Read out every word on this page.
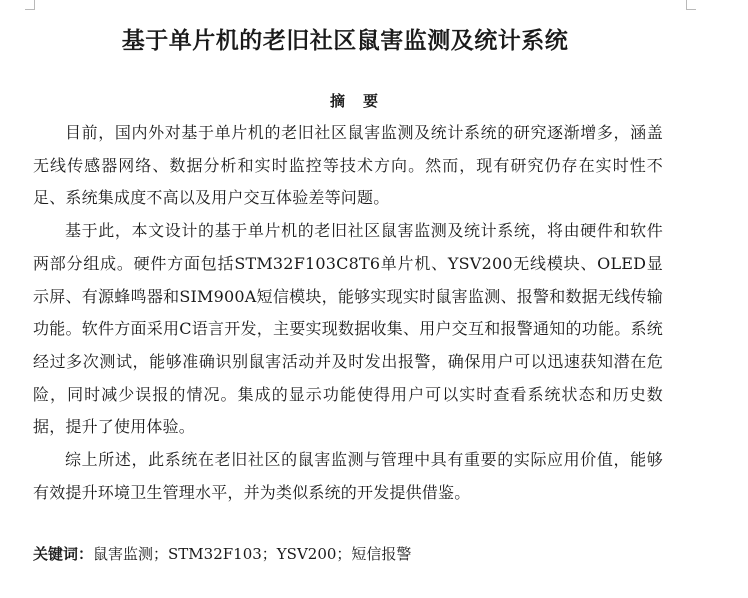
基于单片机的老旧社区鼠害监测及统计系统
摘要

目前，国内外对基于单片机的老旧社区鼠害监测及统计系统的研究逐渐增多，涵盖无线传感器网络、数据分析和实时监控等技术方向。然而，现有研究仍存在实时性不足、系统集成度不高以及用户交互体验差等问题。

基于此，本文设计的基于单片机的老旧社区鼠害监测及统计系统，将由硬件和软件两部分组成。硬件方面包括STM32F103C8T6单片机、YSV200无线模块、OLED显示屏、有源蜂鸣器和SIM900A短信模块，能够实现实时鼠害监测、报警和数据无线传输功能。软件方面采用C语言开发，主要实现数据收集、用户交互和报警通知的功能。系统经过多次测试，能够准确识别鼠害活动并及时发出报警，确保用户可以迅速获知潜在危险，同时减少误报的情况。集成的显示功能使得用户可以实时查看系统状态和历史数据，提升了使用体验。

综上所述，此系统在老旧社区的鼠害监测与管理中具有重要的实际应用价值，能够有效提升环境卫生管理水平，并为类似系统的开发提供借鉴。

关键词：鼠害监测；STM32F103；YSV200；短信报警
